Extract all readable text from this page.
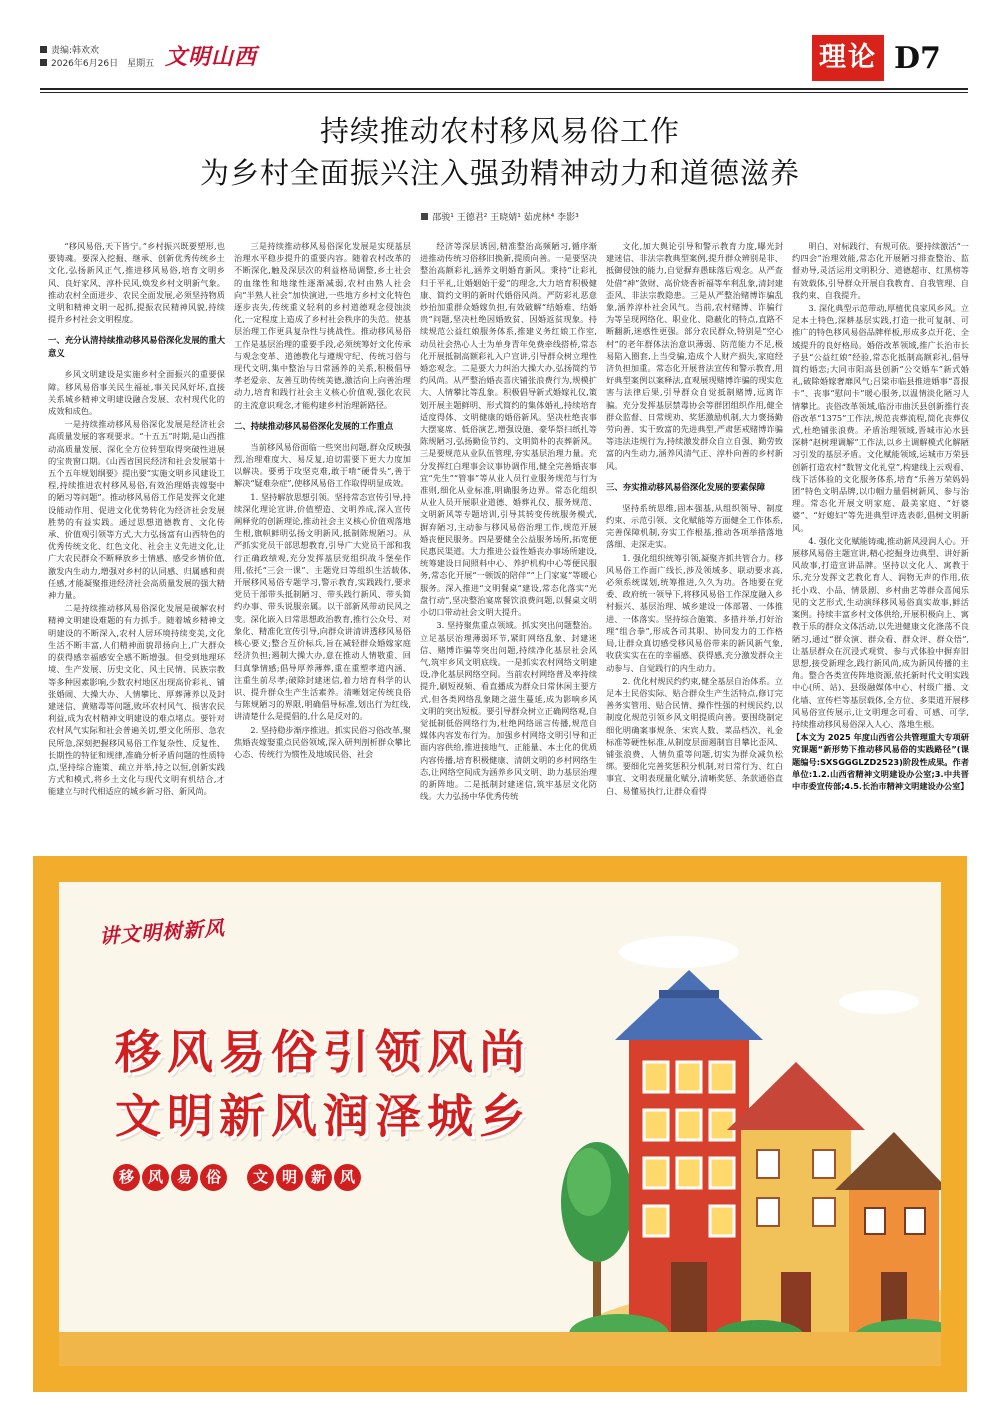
责编:韩欢欢
2026年6月26日　星期五 文明山西	理论 D7
持续推动农村移风易俗工作
为乡村全面振兴注入强劲精神动力和道德滋养
邵骏¹ 王德君² 王晓婧¹ 茹虎林⁴ 李影³

“移风易俗,天下皆宁。”乡村振兴既要塑形,也要铸魂。要深入挖掘、继承、创新优秀传统乡土文化,弘扬新风正气,推进移风易俗,培育文明乡风、良好家风、淳朴民风,焕发乡村文明新气象。推动农村全面进步、农民全面发展,必须坚持物质文明和精神文明一起抓,提振农民精神风貌,持续提升乡村社会文明程度。

一、充分认清持续推动移风易俗深化发展的重大意义

乡风文明建设是实施乡村全面振兴的重要保障。移风易俗事关民生福祉,事关民风好坏,直接关系城乡精神文明建设融合发展、农村现代化的成效和成色。

一是持续推动移风易俗深化发展是经济社会高质量发展的客观要求。“十五五”时期,是山西推动高质量发展、深化全方位转型取得突破性进展的宝贵窗口期。《山西省国民经济和社会发展第十五个五年规划纲要》提出要“实施文明乡风建设工程,持续推进农村移风易俗,有效治理婚丧嫁娶中的陋习等问题”。推动移风易俗工作是发挥文化建设能动作用、促进文化优势转化为经济社会发展胜势的有益实践。通过思想道德教育、文化传承、价值观引领等方式,大力弘扬富有山西特色的优秀传统文化、红色文化、社会主义先进文化,让广大农民群众不断释放乡土情感、感受乡情价值,激发内生动力,增强对乡村的认同感、归属感和责任感,才能凝聚推进经济社会高质量发展的强大精神力量。

二是持续推动移风易俗深化发展是破解农村精神文明建设难题的有力抓手。随着城乡精神文明建设的不断深入,农村人居环境持续变美,文化生活不断丰富,人们精神面貌昂扬向上,广大群众的获得感幸福感安全感不断增强。但受到地理环境、生产发展、历史文化、风土民情、民族宗教等多种因素影响,少数农村地区出现高价彩礼、铺张婚闹、大操大办、人情攀比、厚葬薄养以及封建迷信、黄赌毒等问题,败坏农村风气、损害农民利益,成为农村精神文明建设的难点堵点。要针对农村风气实际和社会普遍关切,塑文化所形、急农民所急,深刻把握移风易俗工作复杂性、反复性、长期性的特征和规律,准确分析矛盾问题的性质特点,坚持综合施策、疏立并举,持之以恒,创新实践方式和模式,将乡土文化与现代文明有机结合,才能建立与时代相适应的城乡新习俗、新风尚。

三是持续推动移风易俗深化发展是实现基层治理水平稳步提升的重要内容。随着农村改革的不断深化,触及深层次的利益格局调整,乡土社会的血缘性和地缘性逐渐减弱,农村由熟人社会向“半熟人社会”加快演进,一些地方乡村文化特色逐步丧失,传统重义轻利的乡村道德观念侵蚀淡化,一定程度上造成了乡村社会秩序的失范。使基层治理工作更具复杂性与挑战性。推动移风易俗工作是基层治理的重要手段,必须统筹好文化传承与观念变革、道德教化与遵规守纪、传统习俗与现代文明,集中整治与日常涵养的关系,积极倡导孝老爱亲、友善互助传统美德,激活向上向善治理动力,培育和践行社会主义核心价值观,强化农民的主流意识观念,才能构建乡村治理新路径。

二、持续推动移风易俗深化发展的工作重点

当前移风易俗面临一些突出问题,群众反映强烈,治理难度大、易反复,迫切需要下更大力度加以解决。要勇于攻坚克难,敢于啃“硬骨头”,善于解决“疑难杂症”,使移风易俗工作取得明显成效。

1. 坚持解放思想引领。坚持常态宣传引导,持续深化理论宣讲,价值塑造、文明养成,深入宣传阐释党的创新理论,推动社会主义核心价值观落地生根,旗帜鲜明弘扬文明新风,抵制陈规陋习。从严抓实党员干部思想教育,引导广大党员干部和我行正确政绩观,充分发挥基层党组织战斗堡垒作用,依托“三会一课”、主题党日等组织生活载体,开展移风易俗专题学习,警示教育,实践践行,要求党员干部带头抵制陋习、带头践行新风、带头简约办事、带头说服亲属。以干部新风带动民风之变。深化嵌入日常思想政治教育,推行公众号、对象化、精准化宣传引导,向群众讲清讲透移风易俗核心要义;整合互价标兵,旨在减轻群众婚嫁家庭经济负担;遏制大操大办,意在推动人情敬重、回归真挚情感;倡导厚养薄葬,重在重塑孝道内涵、注重生前尽孝;破除封建迷信,着力培育科学的认识、提升群众生产生活素养。清晰划定传统良俗与陈规陋习的界限,明确倡导标准,划出行为红线,讲清楚什么是提倡的,什么是反对的。

2. 坚持稳步渐序推进。抓实民俗习俗改革,聚焦婚丧嫁娶重点民俗领域,深入研判剖析群众攀比心态、传统行为惯性及地域民俗、社会

经济等深层诱因,精准整治高频陋习,循序渐进推动传统习俗移旧换新,提质向善。一是要坚决整治高额彩礼,涵养文明婚育新风。秉持“让彩礼归于平礼,让婚姻始于爱”的理念,大力培育积极健康、简约文明的新时代婚俗风尚。严防彩礼恶意炒抬加重群众婚嫁负担,有效破解“结婚难、结婚贵”问题,坚决杜绝因婚致贫、因婚返贫现象。持续规范公益红娘服务体系,推建义务红娘工作室,动员社会热心人士为单身青年免费牵线搭桥,常态化开展抵制高额彩礼入户宣讲,引导群众树立理性婚恋观念。二是要大力纠治大操大办,弘扬简约节约风尚。从严整治婚丧喜庆铺张浪费行为,规模扩大、人情攀比等乱象。积极倡导新式婚嫁礼仪,策划开展主题鲜明、形式简约的集体婚礼,持续培育适度得体、文明健康的婚俗新风。坚决杜绝丧事大摆宴席、低俗演艺,增强设施、豪华祭扫纸扎等陈规陋习,弘扬勤俭节约、文明简朴的丧葬新风。三是要规范从业队伍管理,夯实基层治理力量。充分发挥红白理事会议事协调作用,健全完善婚丧事宜“先生”“管事”等从业人员行业服务规范与行为准则,细化从业标准,明确服务边界。常态化组织从业人员开展职业道德、婚葬礼仪、服务规范、文明新风等专题培训,引导其转变传统服务模式,摒弃陋习,主动参与移风易俗治理工作,规范开展婚丧便民服务。四是要健全公益服务场所,拓宽便民惠民渠道。大力推进公益性婚丧办事场所建设,统筹建设日间照料中心、养护机构中心等便民服务,常态化开展“一顿饭的陪伴”“上门家宴”等暖心服务。深入推进“文明餐桌”建设,常态化落实“光盘行动”,坚决整治宴席餐饮浪费问题,以餐桌文明小切口带动社会文明大提升。

3. 坚持聚焦重点领域。抓实突出问题整治。立足基层治理薄弱环节,紧盯网络乱象、封建迷信、赌博诈骗等突出问题,持续净化基层社会风气,筑牢乡风文明底线。一是抓实农村网络文明建设,净化基层网络空间。当前农村网络普及率持续提升,刷短视频、看直播成为群众日常休闲主要方式,但各类网络乱象随之滋生蔓延,成为影响乡风文明的突出短板。要引导群众树立正确网络观,自觉抵制低俗网络行为,杜绝网络谣言传播,规范自媒体内容发布行为。加强乡村网络文明引导和正面内容供给,推进接地气、正能量、本土化的优质内容传播,培育积极健康、清朗文明的乡村网络生态,让网络空间成为涵养乡风文明、助力基层治理的新阵地。二是抵制封建迷信,筑牢基层文化防线。大力弘扬中华优秀传统

文化,加大舆论引导和警示教育力度,曝光封建迷信、非法宗教典型案例,提升群众辨别是非、抵御侵蚀的能力,自觉摒弃愚昧落后观念。从严查处借“神”敛财、高价烧香祈福等牟利乱象,清封建歪风、非法宗教隐患。三是从严整治赌博诈骗乱象,涵养淳朴社会风气。当前,农村赌博、诈骗行为等呈现网络化、职业化、隐蔽化的特点,直路不断翻新,迷惑性更强。部分农民群众,特别是“空心村”的老年群体法治意识薄弱、防范能力不足,极易陷入圈套,上当受骗,造成个人财产损失,家庭经济负担加重。常态化开展普法宣传和警示教育,用好典型案例以案释法,直观展现赌博诈骗的现实危害与法律后果,引导群众自觉抵制赌博,远离诈骗。充分发挥基层禁毒协会等群团组织作用,健全群众监督、日常规劝、奖惩激励机制,大力褒扬勤劳向善、实干致富的先进典型,严肃惩戒赌博诈骗等违法违规行为,持续激发群众自立自强、勤劳致富的内生动力,涵养风清气正、淳朴向善的乡村新风。

三、夯实推动移风易俗深化发展的要素保障

坚持系统思维,固本强基,从组织领导、制度约束、示范引领、文化赋能等方面健全工作体系,完善保障机制,夯实工作根基,推动各项举措落地落细、走深走实。

1. 强化组织统筹引领,凝聚齐抓共管合力。移风易俗工作面广线长,涉及领域多、联动要求高,必须系统谋划,统筹推进,久久为功。各地要在党委、政府统一领导下,将移风易俗工作深度融入乡村振兴、基层治理、城乡建设一体部署、一体推进、一体落实。坚持综合施策、多措并举,打好治理“组合拳”,形成各司其职、协同发力的工作格局,让群众真切感受移风易俗带来的新风新气象,收获实实在在的幸福感、获得感,充分激发群众主动参与、自觉践行的内生动力。

2. 优化村规民约约束,健全基层自治体系。立足本土民俗实际、贴合群众生产生活特点,修订完善务实管用、贴合民情、操作性强的村规民约,以制度化规范引领乡风文明提质向善。要围绕制定细化明确案事规条、宋宾人数、菜品档次、礼金标准等硬性标准,从制度层面遏制盲目攀比歪风、铺张浪费、人情负重等问题,切实为群众减负松绑。要细化完善奖惩积分机制,对日常行为、红白事宜、文明表现量化赋分,清晰奖惩、条款通俗直白、易懂易执行,让群众看得

明白、对标践行、有规可依。要持续激活“一约四会”治理效能,常态化开展陋习排查整治、监督劝导,灵活运用文明积分、道德超市、红黑榜等有效载体,引导群众开展自我教育、自我管理、自我约束、自我提升。

3. 深化典型示范带动,厚植优良家风乡风。立足本土特色,深耕基层实践,打造一批可复制、可推广的特色移风易俗品牌样板,形成多点开花、全域提升的良好格局。婚俗改革领域,推广长治市长子县“公益红娘”经验,常态化抵制高额彩礼,倡导简约婚恋;大同市阳高县创新“公交婚车”新式婚礼,破除婚嫁奢靡风气;吕梁市临县推进婚事“喜报卡”、丧事“慰问卡”暖心服务,以温情淡化陋习人情攀比。丧俗改革领域,临汾市曲沃县创新推行丧俗改革“1375”工作法,规范丧葬流程,简化丧葬仪式,杜绝铺张浪费。矛盾治理领域,晋城市沁水县深耕“赵树理调解”工作法,以乡土调解模式化解陋习引发的基层矛盾。文化赋能领域,运城市万荣县创新打造农村“数智文化礼堂”,构建线上云观看、线下活体验的文化服务体系,培育“乐善万荣妈妈团”特色文明品牌,以巾帼力量倡树新风、参与治理。常态化开展文明家庭、最美家庭、“好婆婆”、“好媳妇”等先进典型评选表彰,倡树文明新风。

4. 强化文化赋能铸魂,推动新风浸润人心。开展移风易俗主题宣讲,精心挖掘身边典型、讲好新风故事,打造宣讲品牌。坚持以文化人、寓教于乐,充分发挥文艺教化育人、润物无声的作用,依托小戏、小品、情景剧、乡村曲艺等群众喜闻乐见的文艺形式,生动演绎移风易俗真实故事,鲜活案例。持续丰富乡村文体供给,开展积极向上、寓教于乐的群众文体活动,以先进健康文化涤荡不良陋习,通过“群众演、群众看、群众评、群众悟”,让基层群众在沉浸式观赏、参与式体验中摒弃旧思想,接受新理念,践行新风尚,成为新风传播的主角。整合各类宣传阵地资源,依托新时代文明实践中心(所、站)、县级融媒体中心、村级广播、文化墙、宣传栏等基层载体,全方位、多渠道开展移风易俗宣传展示,让文明理念可看、可感、可学,持续推动移风易俗深入人心、落地生根。

【本文为 2025 年度山西省公共管理重大专项研究课题“新形势下推动移风易俗的实践路径”(课题编号:SXSGGGLZD2523)阶段性成果。作者单位:1.2.山西省精神文明建设办公室;3.中共晋中市委宣传部;4.5.长治市精神文明建设办公室】

讲文明树新风
移风易俗引领风尚
文明新风润泽城乡
移 风 易 俗	文 明 新 风
